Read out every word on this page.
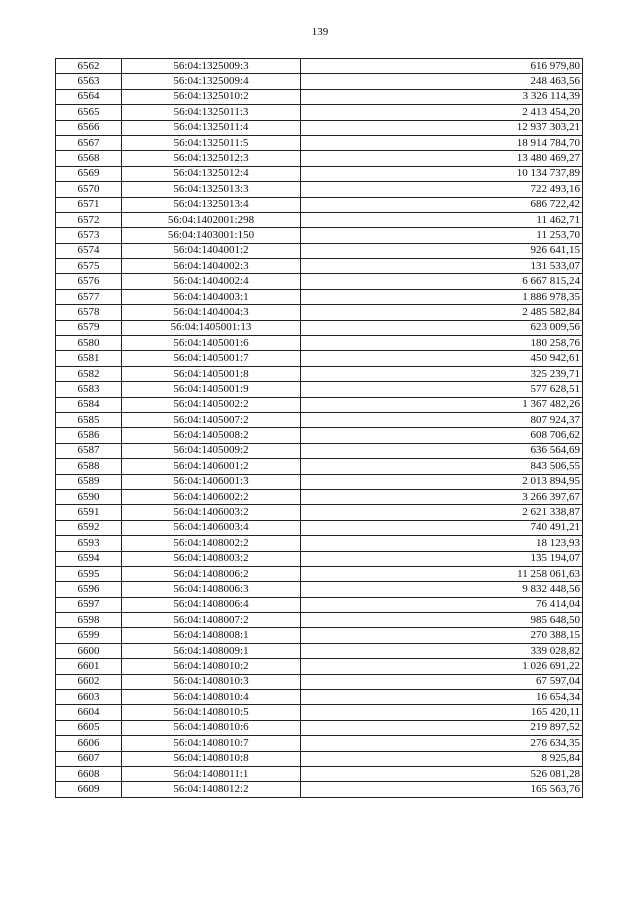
139
6562	56:04:1325009:3	616 979,80
6563	56:04:1325009:4	248 463,56
6564	56:04:1325010:2	3 326 114,39
6565	56:04:1325011:3	2 413 454,20
6566	56:04:1325011:4	12 937 303,21
6567	56:04:1325011:5	18 914 784,70
6568	56:04:1325012:3	13 480 469,27
6569	56:04:1325012:4	10 134 737,89
6570	56:04:1325013:3	722 493,16
6571	56:04:1325013:4	686 722,42
6572	56:04:1402001:298	11 462,71
6573	56:04:1403001:150	11 253,70
6574	56:04:1404001:2	926 641,15
6575	56:04:1404002:3	131 533,07
6576	56:04:1404002:4	6 667 815,24
6577	56:04:1404003:1	1 886 978,35
6578	56:04:1404004:3	2 485 582,84
6579	56:04:1405001:13	623 009,56
6580	56:04:1405001:6	180 258,76
6581	56:04:1405001:7	450 942,61
6582	56:04:1405001:8	325 239,71
6583	56:04:1405001:9	577 628,51
6584	56:04:1405002:2	1 367 482,26
6585	56:04:1405007:2	807 924,37
6586	56:04:1405008:2	608 706,62
6587	56:04:1405009:2	636 564,69
6588	56:04:1406001:2	843 506,55
6589	56:04:1406001:3	2 013 894,95
6590	56:04:1406002:2	3 266 397,67
6591	56:04:1406003:2	2 621 338,87
6592	56:04:1406003:4	740 491,21
6593	56:04:1408002:2	18 123,93
6594	56:04:1408003:2	135 194,07
6595	56:04:1408006:2	11 258 061,63
6596	56:04:1408006:3	9 832 448,56
6597	56:04:1408006:4	76 414,04
6598	56:04:1408007:2	985 648,50
6599	56:04:1408008:1	270 388,15
6600	56:04:1408009:1	339 028,82
6601	56:04:1408010:2	1 026 691,22
6602	56:04:1408010:3	67 597,04
6603	56:04:1408010:4	16 654,34
6604	56:04:1408010:5	165 420,11
6605	56:04:1408010:6	219 897,52
6606	56:04:1408010:7	276 634,35
6607	56:04:1408010:8	8 925,84
6608	56:04:1408011:1	526 081,28
6609	56:04:1408012:2	165 563,76
